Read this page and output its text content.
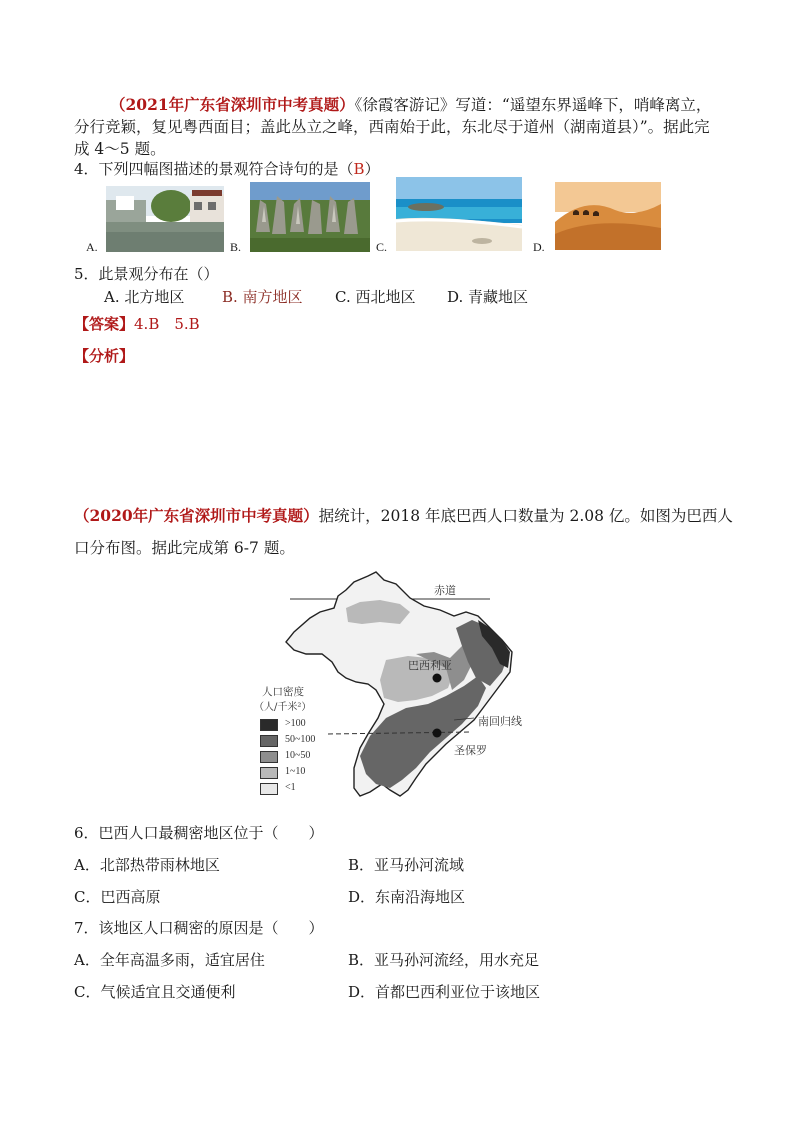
（2021年广东省深圳市中考真题）《徐霞客游记》写道：“遥望东界遥峰下，哨峰离立，
分行竞颖，复见粤西面目；盖此丛立之峰，西南始于此，东北尽于道州（湖南道县）”。据此完
成 4～5 题。
4．下列四幅图描述的景观符合诗句的是（B）
A.	B.	C.	D.
5．此景观分布在（）
A. 北方地区	B. 南方地区 C. 西北地区 D. 青藏地区
【答案】4.B　5.B
【分析】
（2020年广东省深圳市中考真题）据统计，2018 年底巴西人口数量为 2.08 亿。如图为巴西人
口分布图。据此完成第 6-7 题。
赤道
巴西利亚
南回归线
圣保罗
人口密度
（人/千米²）
>100
50~100
10~50
1~10
<1
6．巴西人口最稠密地区位于（　　）
A．北部热带雨林地区	B．亚马孙河流域
C．巴西高原	D．东南沿海地区
7．该地区人口稠密的原因是（　　）
A．全年高温多雨，适宜居住	B．亚马孙河流经，用水充足
C．气候适宜且交通便利	D．首都巴西利亚位于该地区
